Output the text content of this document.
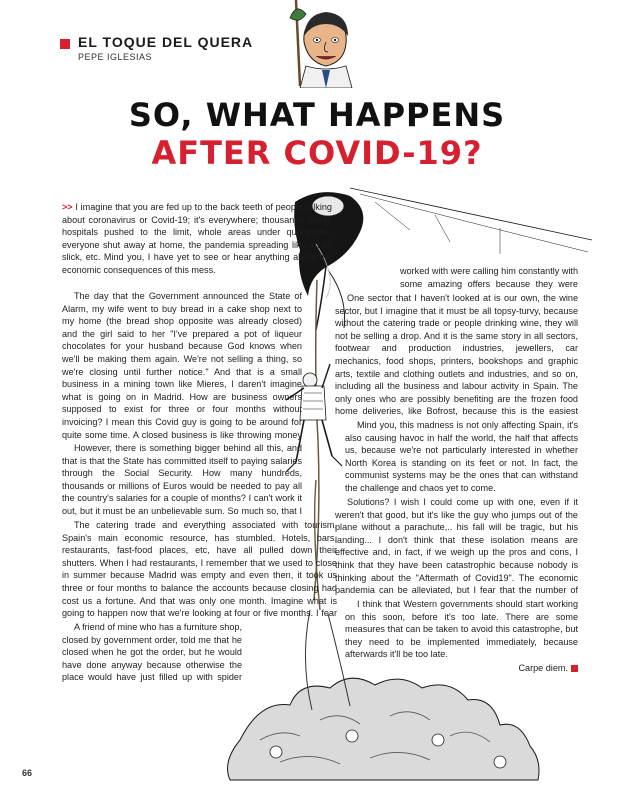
EL TOQUE DEL QUERA
PEPE IGLESIAS
SO, WHAT HAPPENS
AFTER COVID-19?

>> I imagine that you are fed up to the back teeth of people talking about coronavirus or Covid-19; it's everywhere; thousands dying, hospitals pushed to the limit, whole areas under quarantine, everyone shut away at home, the pandemia spreading like an oil slick, etc. Mind you, I have yet to see or hear anything about the economic consequences of this mess.

The day that the Government announced the State of Alarm, my wife went to buy bread in a cake shop next to my home (the bread shop opposite was already closed) and the girl said to her "I've prepared a pot of liqueur chocolates for your husband because God knows when we'll be making them again. We're not selling a thing, so we're closing until further notice." And that is a small business in a mining town like Mieres, I daren't imagine what is going on in Madrid. How are business owners supposed to exist for three or four months without invoicing? I mean this Covid guy is going to be around for quite some time. A closed business is like throwing money

However, there is something bigger behind all this, and that is that the State has committed itself to paying salaries through the Social Security. How many hundreds, thousands or millions of Euros would be needed to pay all the country's salaries for a couple of months? I can't work it out, but it must be an unbelievable sum. So much so, that I

The catering trade and everything associated with tourism, Spain's main economic resource, has stumbled. Hotels, bars, restaurants, fast-food places, etc, have all pulled down their shutters. When I had restaurants, I remember that we used to close in summer because Madrid was empty and even then, it took us three or four months to balance the accounts because closing had cost us a fortune. And that was only one month. Imagine what is going to happen now that we're looking at four or five months. I fear

A friend of mine who has a furniture shop, closed by government order, told me that he closed when he got the order, but he would have done anyway because otherwise the place would have just filled up with spider

worked with were calling him constantly with some amazing offers because they were

One sector that I haven't looked at is our own, the wine sector, but I imagine that it must be all topsy-turvy, because without the catering trade or people drinking wine, they will not be selling a drop. And it is the same story in all sectors, footwear and production industries, jewellers, car mechanics, food shops, printers, bookshops and graphic arts, textile and clothing outlets and industries, and so on, including all the business and labour activity in Spain. The only ones who are possibly benefiting are the frozen food home deliveries, like Bofrost, because this is the easiest

Mind you, this madness is not only affecting Spain, it's also causing havoc in half the world, the half that affects us, because we're not particularly interested in whether North Korea is standing on its feet or not. In fact, the communist systems may be the ones that can withstand the challenge and chaos yet to come.

Solutions? I wish I could come up with one, even if it weren't that good, but it's like the guy who jumps out of the plane without a parachute,.. his fall will be tragic, but his landing... I don't think that these isolation means are effective and, in fact, if we weigh up the pros and cons, I think that they have been catastrophic because nobody is thinking about the "Aftermath of Covid19". The economic pandemia can be alleviated, but I fear that the number of

I think that Western governments should start working on this soon, before it's too late. There are some measures that can be taken to avoid this catastrophe, but they need to be implemented immediately, because afterwards it'll be too late.

Carpe diem.

66
